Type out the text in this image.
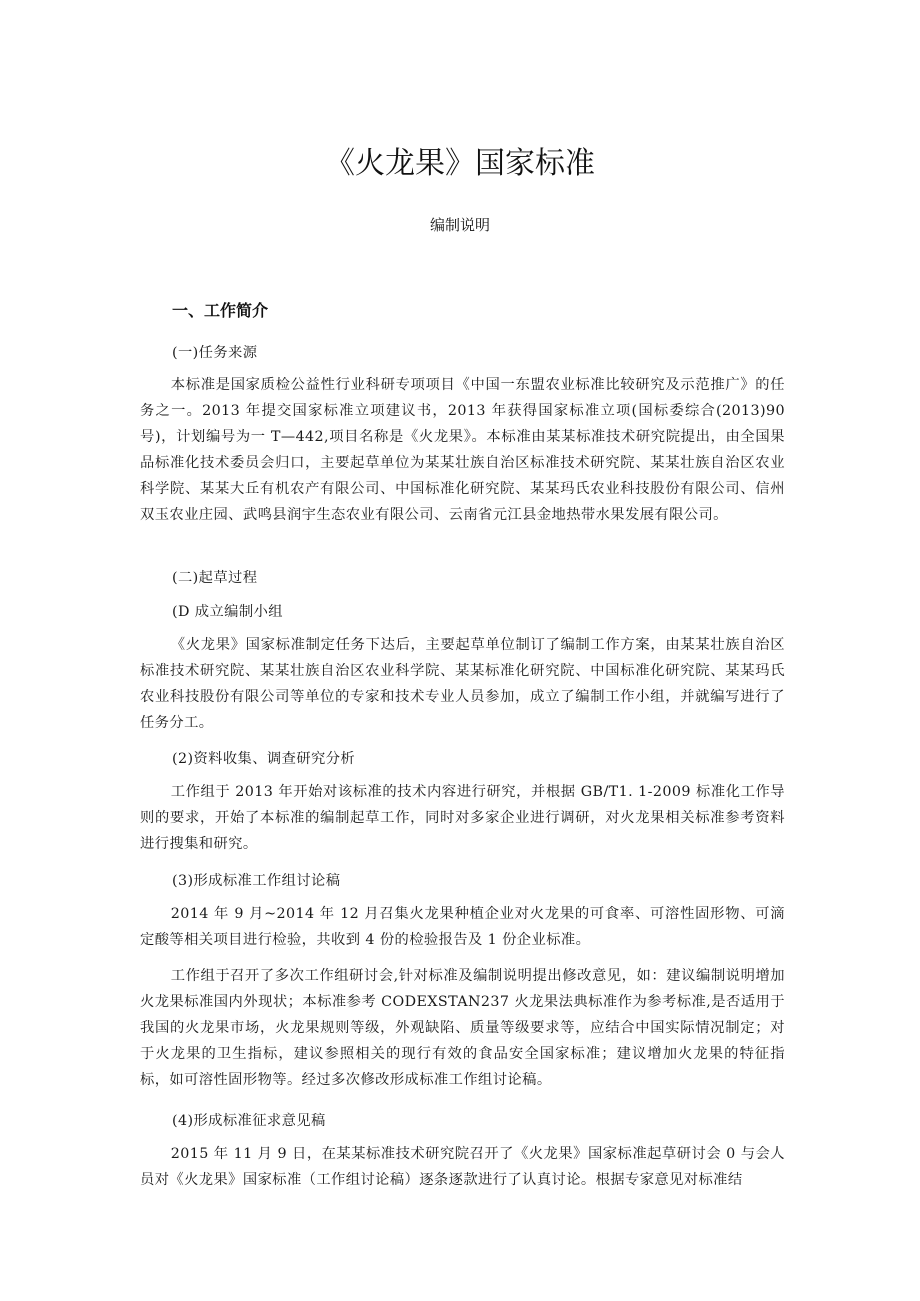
《火龙果》国家标准
编制说明
一、工作简介
(一)任务来源

本标准是国家质检公益性行业科研专项项目《中国一东盟农业标准比较研究及示范推广》的任务之一。2013 年提交国家标准立项建议书，2013 年获得国家标准立项(国标委综合(2013)90 号)，计划编号为一 T—442,项目名称是《火龙果》。本标准由某某标准技术研究院提出，由全国果品标准化技术委员会归口，主要起草单位为某某壮族自治区标准技术研究院、某某壮族自治区农业科学院、某某大丘有机农产有限公司、中国标准化研究院、某某玛氏农业科技股份有限公司、信州双玉农业庄园、武鸣县润宇生态农业有限公司、云南省元江县金地热带水果发展有限公司。

(二)起草过程
(D 成立编制小组

《火龙果》国家标准制定任务下达后，主要起草单位制订了编制工作方案，由某某壮族自治区标准技术研究院、某某壮族自治区农业科学院、某某标准化研究院、中国标准化研究院、某某玛氏农业科技股份有限公司等单位的专家和技术专业人员参加，成立了编制工作小组，并就编写进行了任务分工。

(2)资料收集、调查研究分析

工作组于 2013 年开始对该标准的技术内容进行研究，并根据 GB/T1. 1-2009 标准化工作导则的要求，开始了本标准的编制起草工作，同时对多家企业进行调研，对火龙果相关标准参考资料进行搜集和研究。

(3)形成标准工作组讨论稿

2014 年 9 月~2014 年 12 月召集火龙果种植企业对火龙果的可食率、可溶性固形物、可滴定酸等相关项目进行检验，共收到 4 份的检验报告及 1 份企业标准。

工作组于召开了多次工作组研讨会,针对标准及编制说明提出修改意见，如：建议编制说明增加火龙果标准国内外现状；本标准参考 CODEXSTAN237 火龙果法典标准作为参考标准,是否适用于我国的火龙果市场，火龙果规则等级，外观缺陷、质量等级要求等，应结合中国实际情况制定；对于火龙果的卫生指标，建议参照相关的现行有效的食品安全国家标准；建议增加火龙果的特征指标，如可溶性固形物等。经过多次修改形成标准工作组讨论稿。

(4)形成标准征求意见稿

2015 年 11 月 9 日，在某某标准技术研究院召开了《火龙果》国家标准起草研讨会 0 与会人员对《火龙果》国家标准（工作组讨论稿）逐条逐款进行了认真讨论。根据专家意见对标准结
